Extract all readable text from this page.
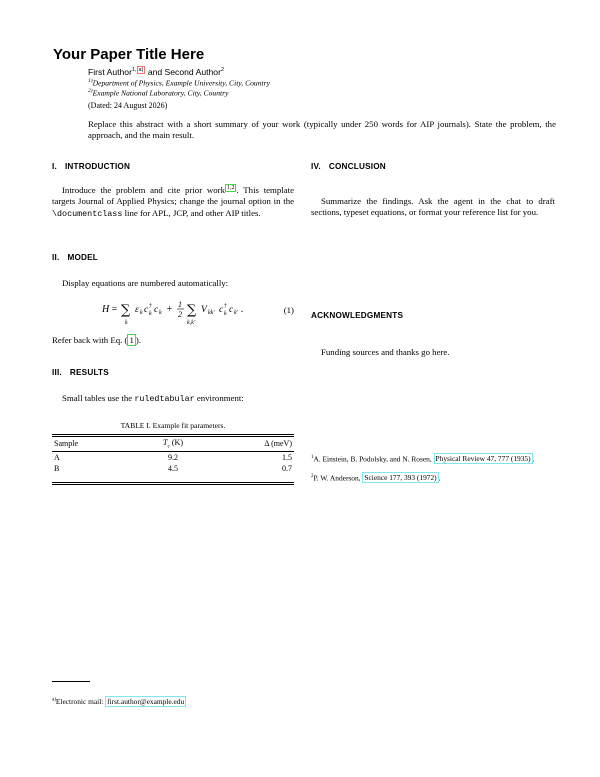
Your Paper Title Here
First Author$^{1,}$ $^{a)}$ and Second Author$^2$
$^{1)}$Department of Physics, Example University, City, Country
$^{2)}$Example National Laboratory, City, Country
(Dated: 24 August 2026)
Replace this abstract with a short summary of your work (typically under 250 words for AIP journals). State the problem, the approach, and the main result.
I. INTRODUCTION
Introduce the problem and cite prior work $^{1,2}$ . This template targets Journal of Applied Physics; change the journal option in the \documentclass line for APL, JCP, and other AIP titles.
II. MODEL
Display equations are numbered automatically:
H = ∑
k
ε k c †
k c k + 1
2 ∑
k,k′
V kk′ c †
k c k′ .	(1)
Refer back with Eq. ( 1 ).
III. RESULTS
Small tables use the ruledtabular environment:
TABLE I. Example fit parameters.
Sample	$T_c$ (K)	Δ (meV)
A	9.2	1.5
B	4.5	0.7
IV. CONCLUSION
Summarize the findings. Ask the agent in the chat to draft sections, typeset equations, or format your reference list for you.
ACKNOWLEDGMENTS
Funding sources and thanks go here.
$^1$A. Einstein, B. Podolsky, and N. Rosen, Physical Review 47, 777 (1935) .
$^2$P. W. Anderson, Science 177, 393 (1972) .
$^{a)}$Electronic mail: first.author@example.edu
